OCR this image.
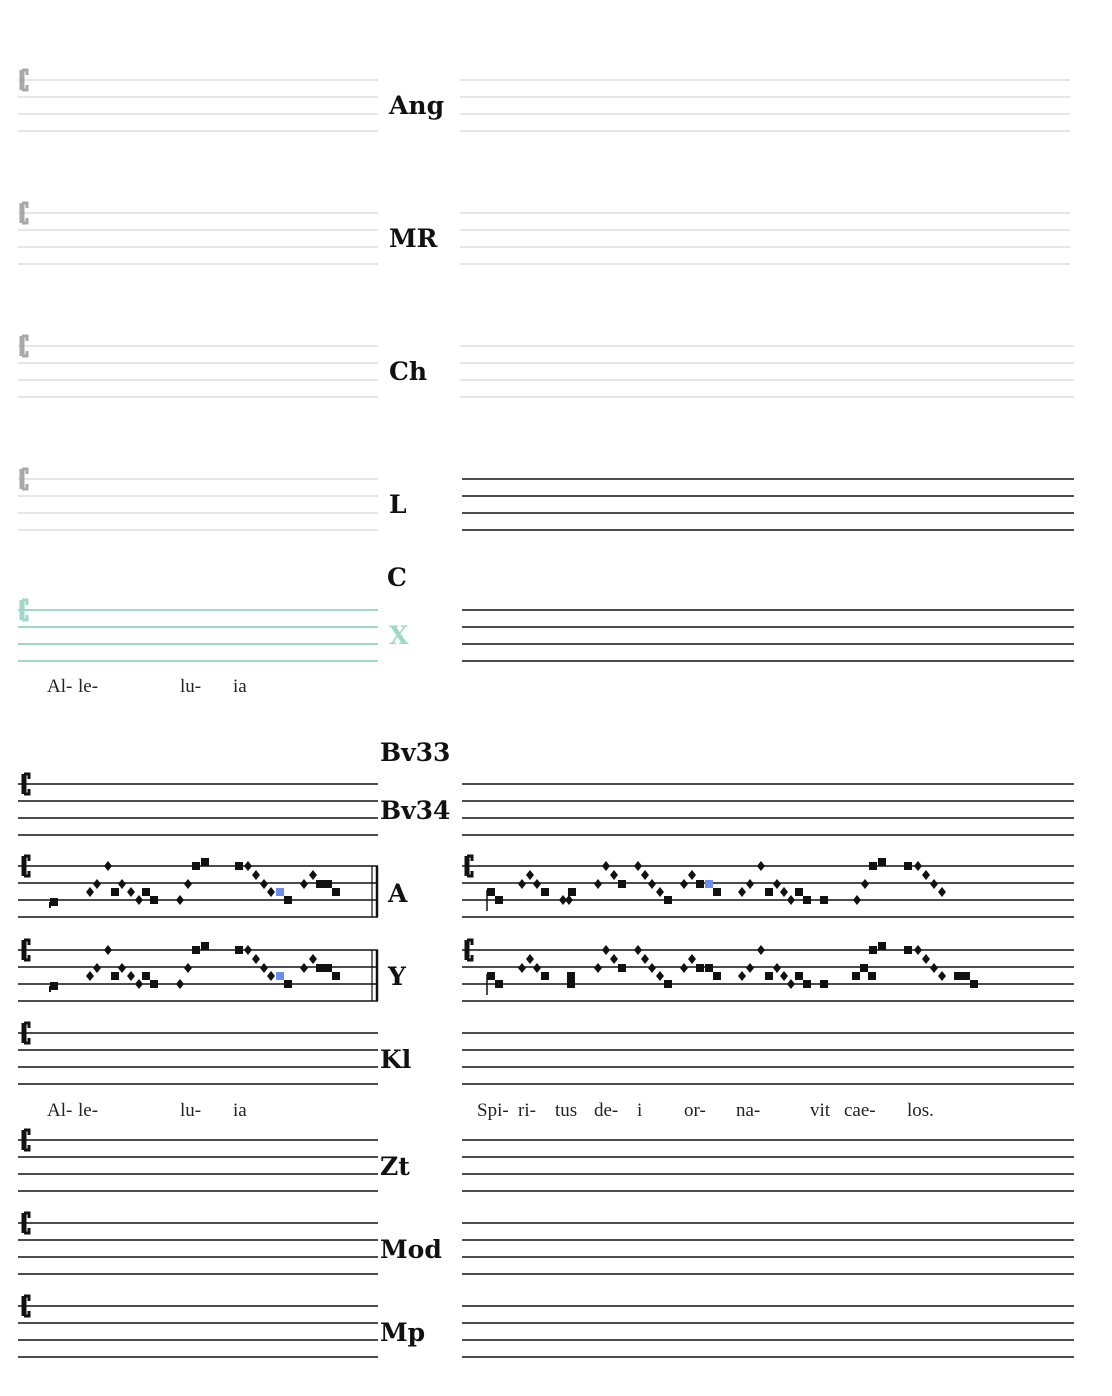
Ang
MR
Ch
L
C
X
Bv33
Bv34
A
Y
Kl
Zt
Mod
Mp
Al- le-	lu- ia
Al- le-	lu- ia	Spi- ri- tus de- i or- na-	vit cae- los.
